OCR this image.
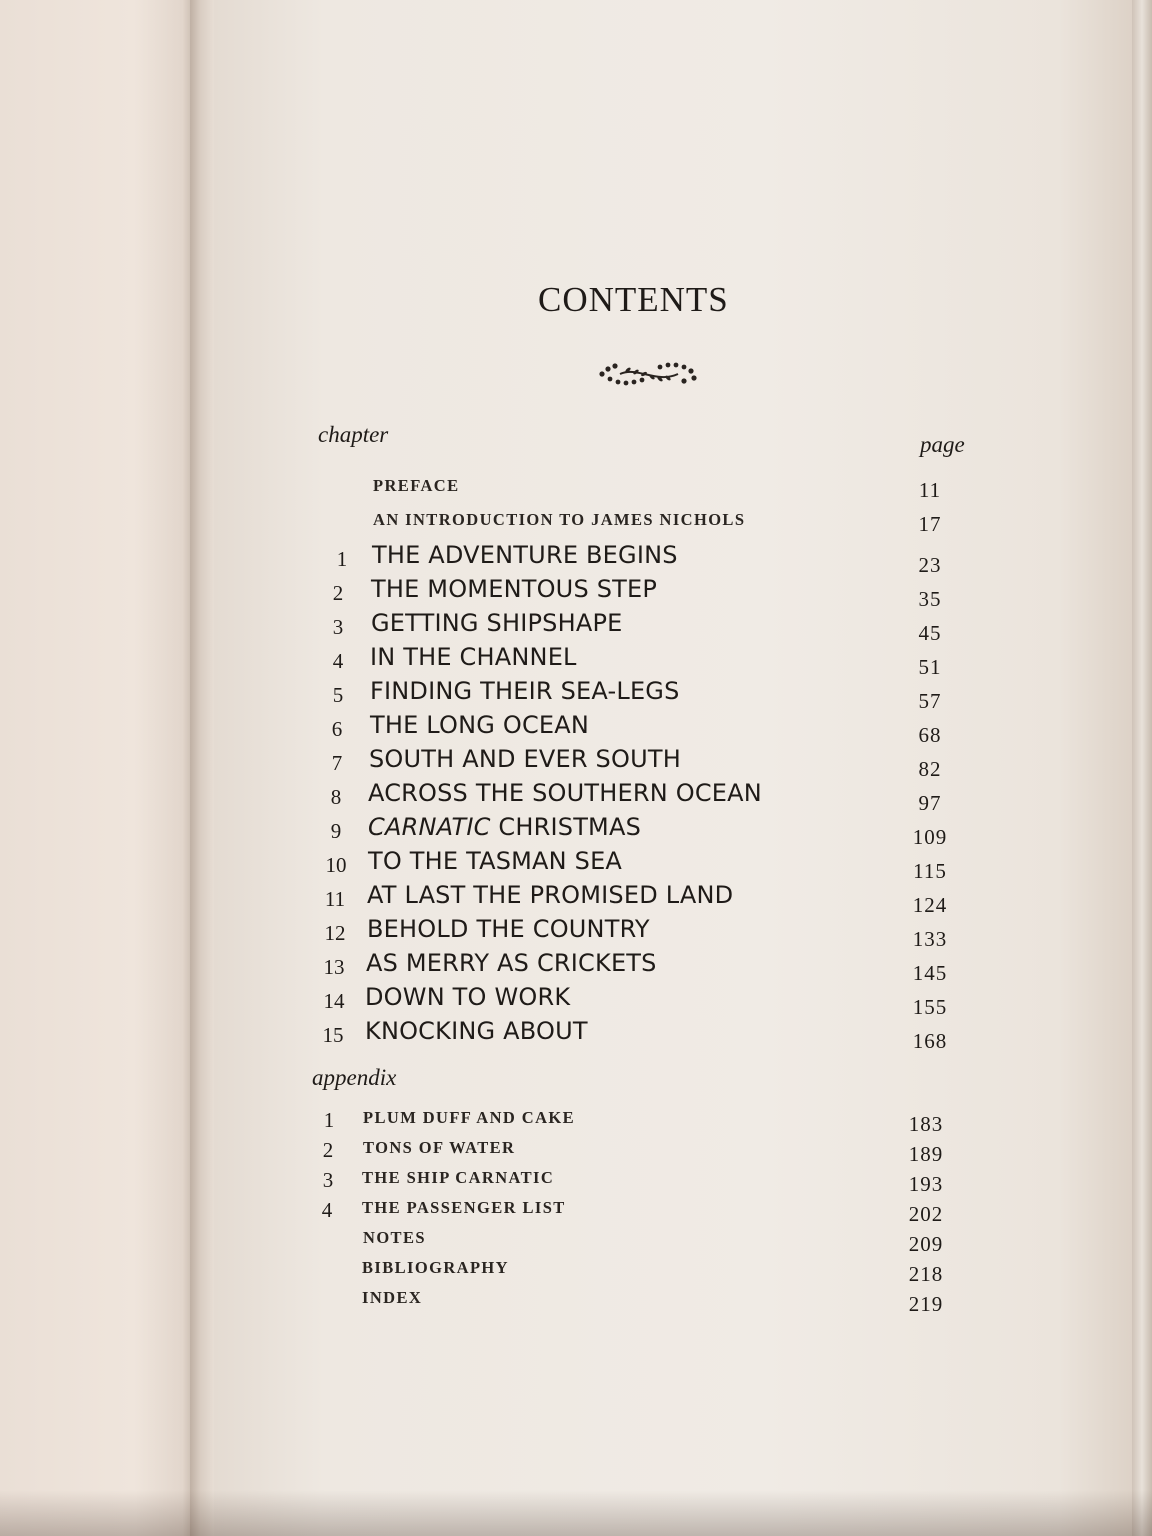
CONTENTS
chapter	page
PREFACE	11
AN INTRODUCTION TO JAMES NICHOLS	17
1	THE ADVENTURE BEGINS	23
2	THE MOMENTOUS STEP	35
3	GETTING SHIPSHAPE	45
4	IN THE CHANNEL	51
5	FINDING THEIR SEA-LEGS	57
6	THE LONG OCEAN	68
7	SOUTH AND EVER SOUTH	82
8	ACROSS THE SOUTHERN OCEAN	97
9	CARNATIC CHRISTMAS	109
10 TO THE TASMAN SEA	115
11 AT LAST THE PROMISED LAND	124
12 BEHOLD THE COUNTRY	133
13 AS MERRY AS CRICKETS	145
14 DOWN TO WORK	155
15 KNOCKING ABOUT	168
appendix
1	PLUM DUFF AND CAKE	183
2	TONS OF WATER	189
3	THE SHIP CARNATIC	193
4	THE PASSENGER LIST	202
NOTES	209
BIBLIOGRAPHY	218
INDEX	219
